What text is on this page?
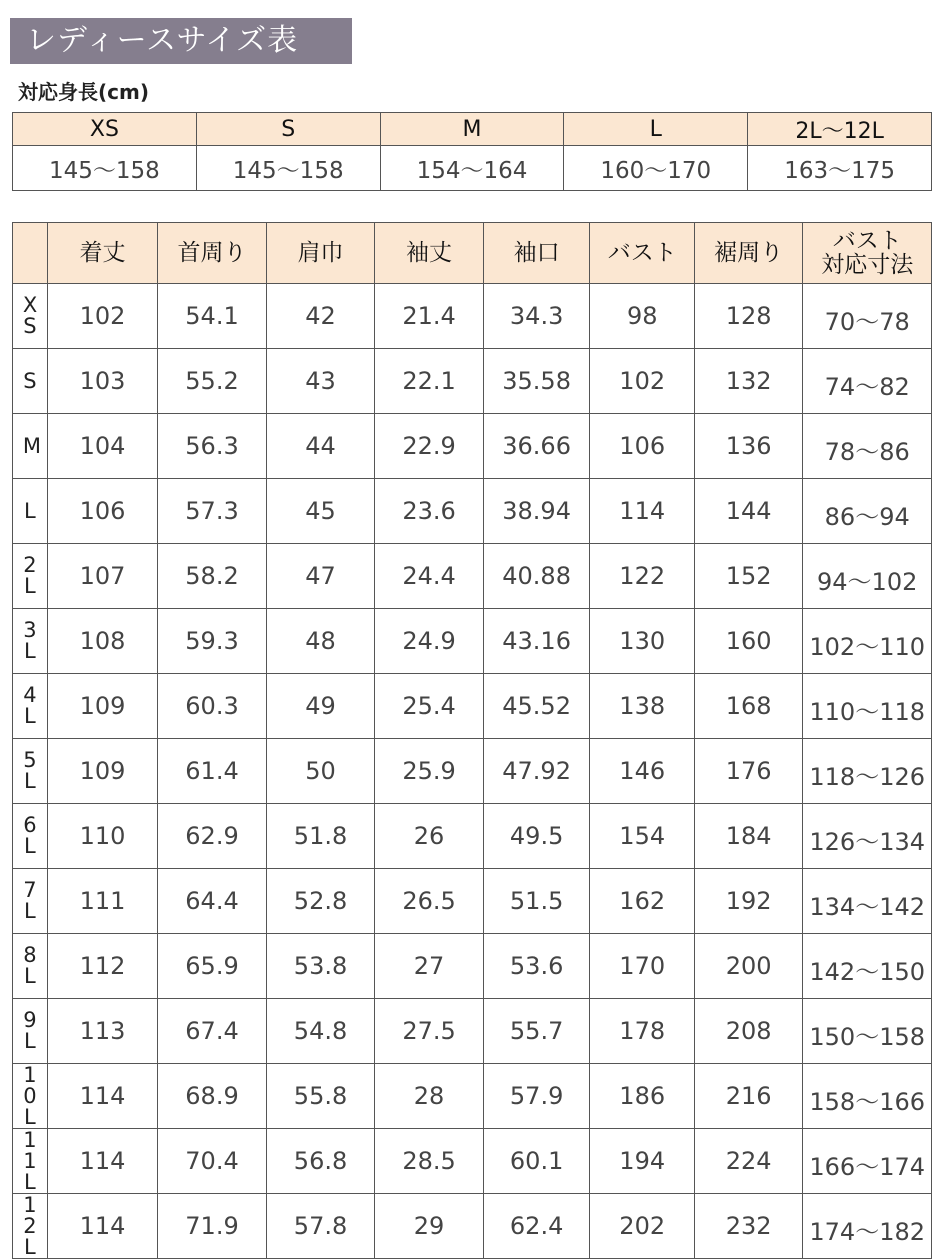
レディースサイズ表
対応身長(cm)
XS	S	M	L	2L〜12L
145〜158	145〜158	154〜164	160〜170	163〜175
	着丈	首周り	肩巾	袖丈	袖口	バスト	裾周り	バスト
対応寸法
XS	102	54.1	42	21.4	34.3	98	128	70〜78
S	103	55.2	43	22.1	35.58	102	132	74〜82
M	104	56.3	44	22.9	36.66	106	136	78〜86
L	106	57.3	45	23.6	38.94	114	144	86〜94
2L	107	58.2	47	24.4	40.88	122	152	94〜102
3L	108	59.3	48	24.9	43.16	130	160	102〜110
4L	109	60.3	49	25.4	45.52	138	168	110〜118
5L	109	61.4	50	25.9	47.92	146	176	118〜126
6L	110	62.9	51.8	26	49.5	154	184	126〜134
7L	111	64.4	52.8	26.5	51.5	162	192	134〜142
8L	112	65.9	53.8	27	53.6	170	200	142〜150
9L	113	67.4	54.8	27.5	55.7	178	208	150〜158
10L	114	68.9	55.8	28	57.9	186	216	158〜166
11L	114	70.4	56.8	28.5	60.1	194	224	166〜174
12L	114	71.9	57.8	29	62.4	202	232	174〜182
